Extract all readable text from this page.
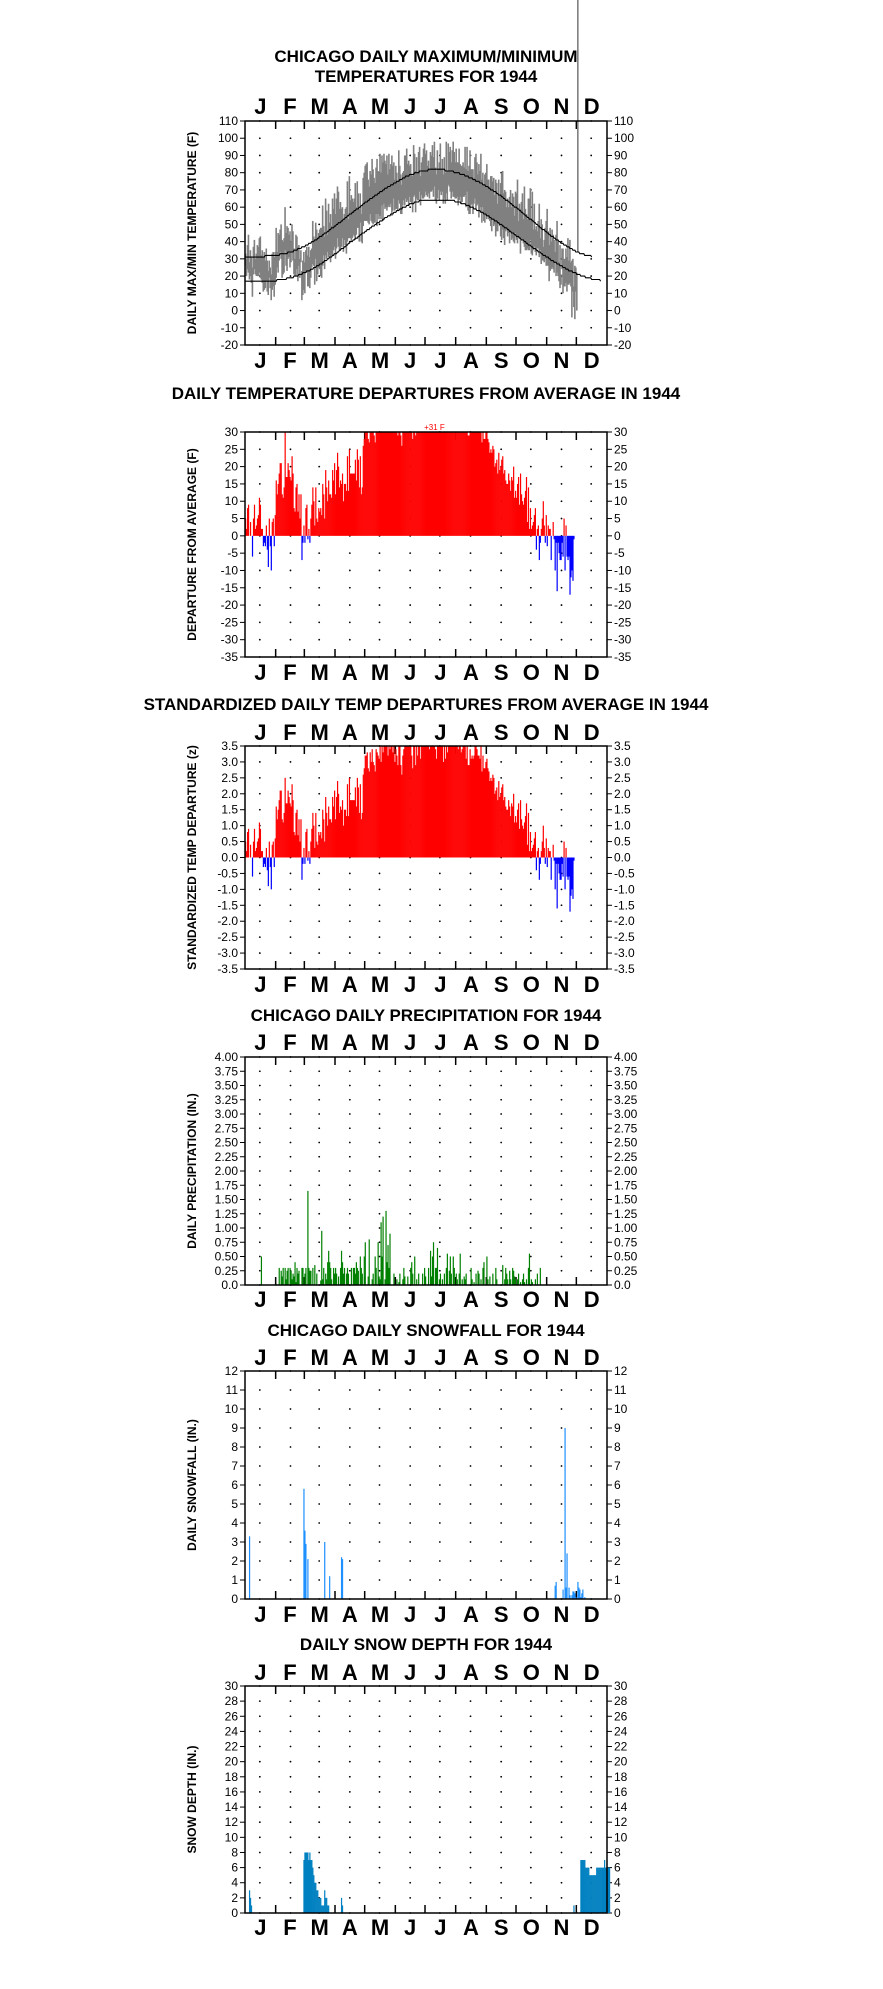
CHICAGO DAILY MAXIMUM/MINIMUM
TEMPERATURES FOR 1944
J F M A M J J A S O N D
J F M A M J J A S O N D
-20	-20
-10	-10
0	0
10	10
20	20
30	30
40	40
50	50
60	60
70	70
80	80
90	90
100	100
110	110
DAILY MAX/MIN TEMPERATURE (F)
DAILY TEMPERATURE DEPARTURES FROM AVERAGE IN 1944
J F M A M J J A S O N D
-35	-35
-30	-30
-25	-25
-20	-20
-15	-15
-10	-10
-5	-5
0	0
5	5
10	10
15	15
20	20
25	25
30	30
DEPARTURE FROM AVERAGE (F)
+31 F
STANDARDIZED DAILY TEMP DEPARTURES FROM AVERAGE IN 1944
J F M A M J J A S O N D
J F M A M J J A S O N D
-3.5	-3.5
-3.0	-3.0
-2.5	-2.5
-2.0	-2.0
-1.5	-1.5
-1.0	-1.0
-0.5	-0.5
0.0	0.0
0.5	0.5
1.0	1.0
1.5	1.5
2.0	2.0
2.5	2.5
3.0	3.0
3.5	3.5
STANDARDIZED TEMP DEPARTURE (z)
CHICAGO DAILY PRECIPITATION FOR 1944
J F M A M J J A S O N D
J F M A M J J A S O N D
0.0	0.0
0.25	0.25
0.50	0.50
0.75	0.75
1.00	1.00
1.25	1.25
1.50	1.50
1.75	1.75
2.00	2.00
2.25	2.25
2.50	2.50
2.75	2.75
3.00	3.00
3.25	3.25
3.50	3.50
3.75	3.75
4.00	4.00
DAILY PRECIPITATION (IN.)
CHICAGO DAILY SNOWFALL FOR 1944
J F M A M J J A S O N D
J F M A M J J A S O N D
0	0
1	1
2	2
3	3
4	4
5	5
6	6
7	7
8	8
9	9
10	10
11	11
12	12
DAILY SNOWFALL (IN.)
DAILY SNOW DEPTH FOR 1944
J F M A M J J A S O N D
J F M A M J J A S O N D
0	0
2	2
4	4
6	6
8	8
10	10
12	12
14	14
16	16
18	18
20	20
22	22
24	24
26	26
28	28
30	30
SNOW DEPTH (IN.)
